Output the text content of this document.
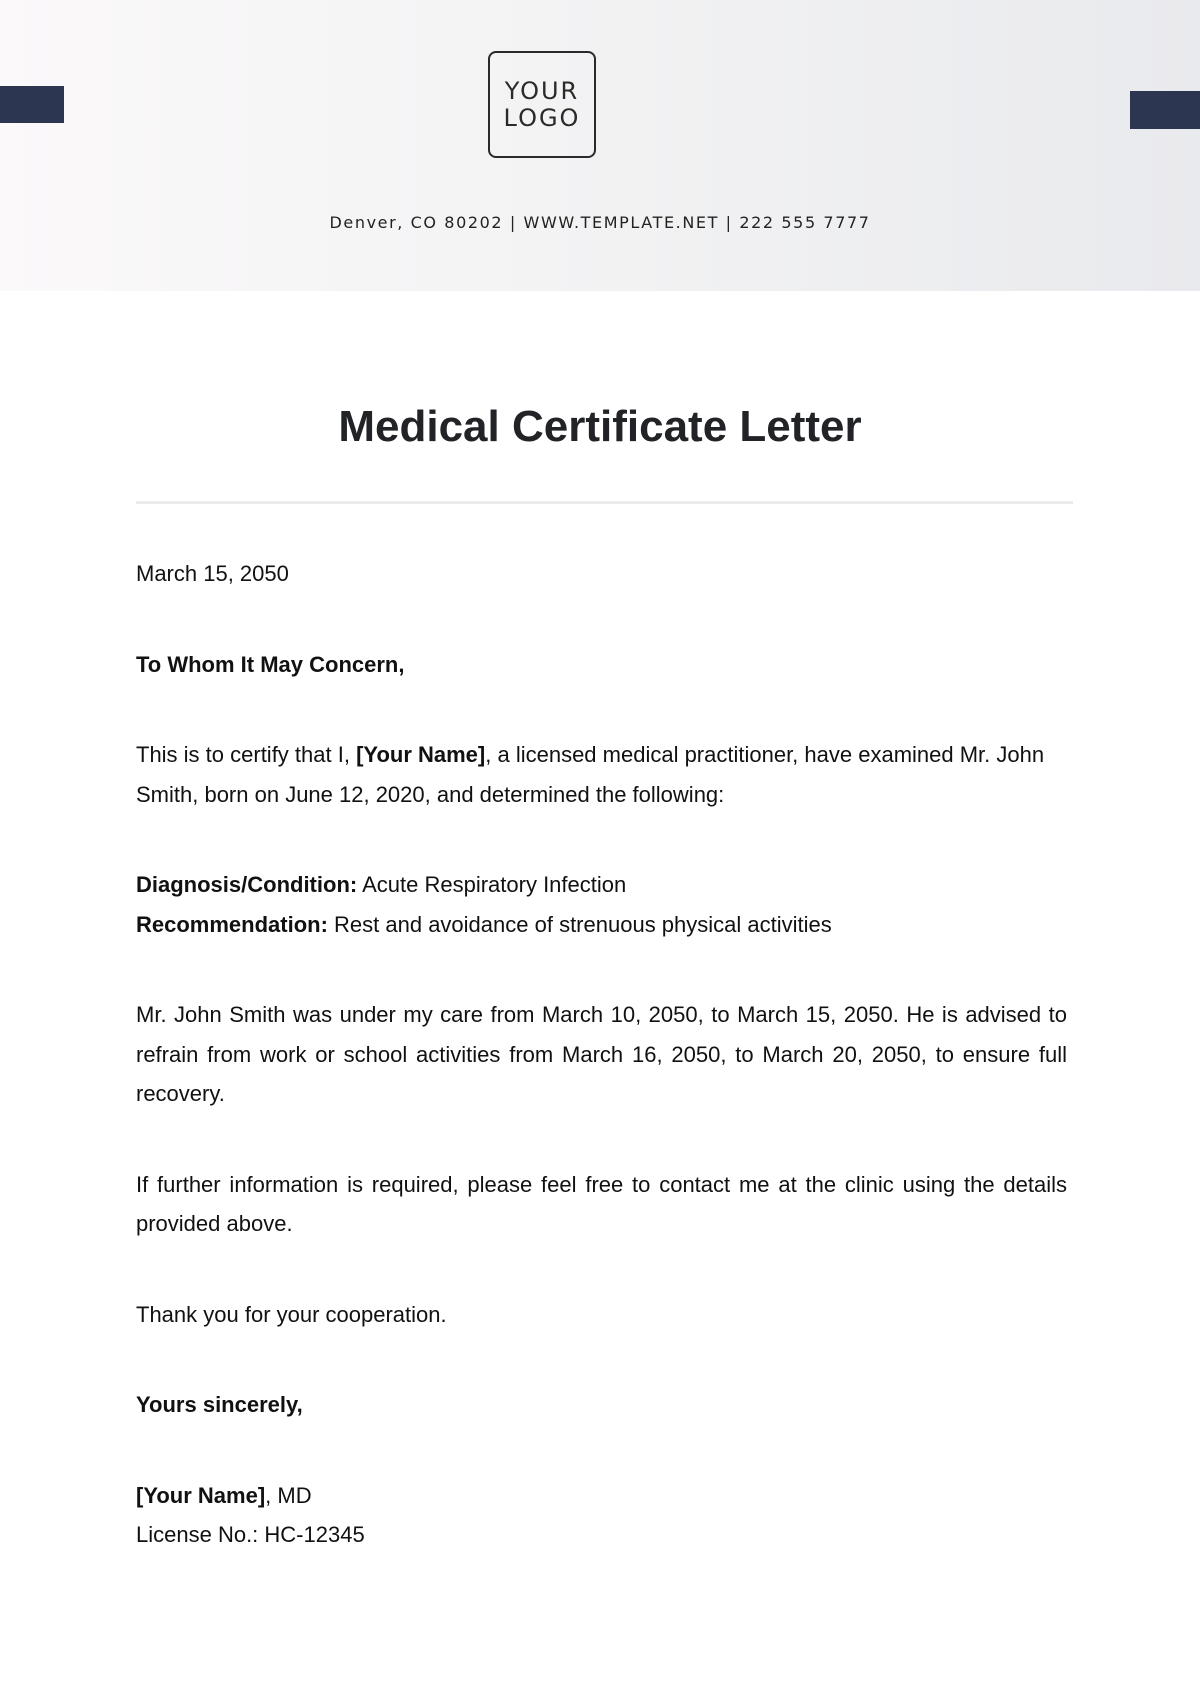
YOUR
LOGO
Denver, CO 80202 | WWW.TEMPLATE.NET | 222 555 7777
Medical Certificate Letter

March 15, 2050

To Whom It May Concern,

This is to certify that I, [Your Name], a licensed medical practitioner, have examined Mr. John Smith, born on June 12, 2020, and determined the following:

Diagnosis/Condition: Acute Respiratory Infection

Recommendation: Rest and avoidance of strenuous physical activities

Mr. John Smith was under my care from March 10, 2050, to March 15, 2050. He is advised to refrain from work or school activities from March 16, 2050, to March 20, 2050, to ensure full recovery.

If further information is required, please feel free to contact me at the clinic using the details provided above.

Thank you for your cooperation.

Yours sincerely,

[Your Name], MD

License No.: HC-12345
